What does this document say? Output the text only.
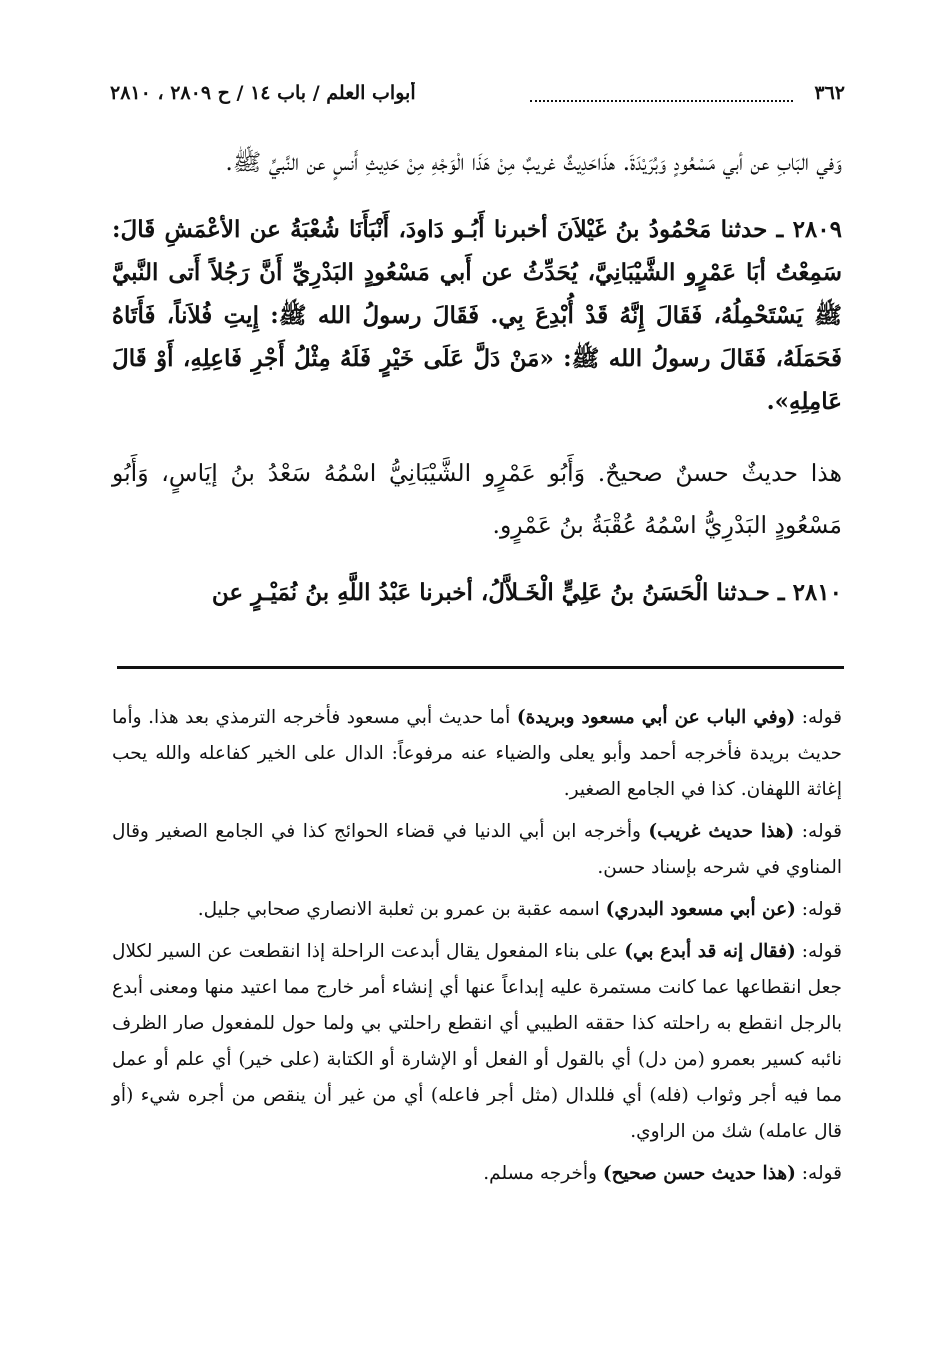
٣٦٢
أبواب العلم / باب ١٤ / ح ٢٨٠٩ ، ٢٨١٠

وَفي البَابِ عن أبي مَسْعُودٍ وَبُرَيْدَةَ. هذَاحَدِيثٌ غريبٌ مِنْ هَذَا الْوَجْهِ مِنْ حَدِيثِ أَنسٍ عن النَّبيِّ ﷺ.

٢٨٠٩ ـ حدثنا مَحْمُودُ بنُ غَيْلاَنَ أخبرنا أَبُـو دَاودَ، أَنْبَأَنَا شُعْبَةُ عن الأعْمَشِ قَالَ: سَمِعْتُ أبَا عَمْرٍو الشَّيْبَانِيَّ، يُحَدِّثُ عن أَبي مَسْعُودٍ البَدْرِيِّ أَنَّ رَجُلاً أَتى النَّبيَّ ﷺ يَسْتَحْمِلُهُ، فَقَالَ إِنَّهُ قَدْ أُبْدِعَ بِي. فَقَالَ رسولُ الله ﷺ: إِيتِ فُلاَناً، فَأَتَاهُ فَحَمَلَهُ، فَقَالَ رسولُ الله ﷺ: «مَنْ دَلَّ عَلَى خَيْرٍ فَلَهُ مِثْلُ أَجْرِ فَاعِلِهِ، أَوْ قَالَ عَامِلِهِ».

هذا حديثٌ حسنٌ صحيحٌ. وَأَبُو عَمْرٍو الشَّيْبَانِيُّ اسْمُهُ سَعْدُ بنُ إيَاسٍ، وَأَبُو مَسْعُودٍ البَدْرِيُّ اسْمُهُ عُقْبَةُ بنُ عَمْرٍو.

٢٨١٠ ـ حـدثنا الْحَسَنُ بنُ عَلِيٍّ الْخَـلاَّلُ، أخبرنا عَبْدُ اللَّهِ بنُ نُمَيْـرٍ عن

قوله: (وفي الباب عن أبي مسعود وبريدة) أما حديث أبي مسعود فأخرجه الترمذي بعد هذا. وأما حديث بريدة فأخرجه أحمد وأبو يعلى والضياء عنه مرفوعاً: الدال على الخير كفاعله والله يحب إغاثة اللهفان. كذا في الجامع الصغير.

قوله: (هذا حديث غريب) وأخرجه ابن أبي الدنيا في قضاء الحوائج كذا في الجامع الصغير وقال المناوي في شرحه بإسناد حسن.

قوله: (عن أبي مسعود البدري) اسمه عقبة بن عمرو بن ثعلبة الانصاري صحابي جليل.

قوله: (فقال إنه قد أبدع بي) على بناء المفعول يقال أبدعت الراحلة إذا انقطعت عن السير لكلال جعل انقطاعها عما كانت مستمرة عليه إبداعاً عنها أي إنشاء أمر خارج مما اعتيد منها ومعنى أبدع بالرجل انقطع به راحلته كذا حققه الطيبي أي انقطع راحلتي بي ولما حول للمفعول صار الظرف نائبه كسير بعمرو (من دل) أي بالقول أو الفعل أو الإشارة أو الكتابة (على خير) أي علم أو عمل مما فيه أجر وثواب (فله) أي فللدال (مثل أجر فاعله) أي من غير أن ينقص من أجره شيء (أو قال عامله) شك من الراوي.

قوله: (هذا حديث حسن صحيح) وأخرجه مسلم.
